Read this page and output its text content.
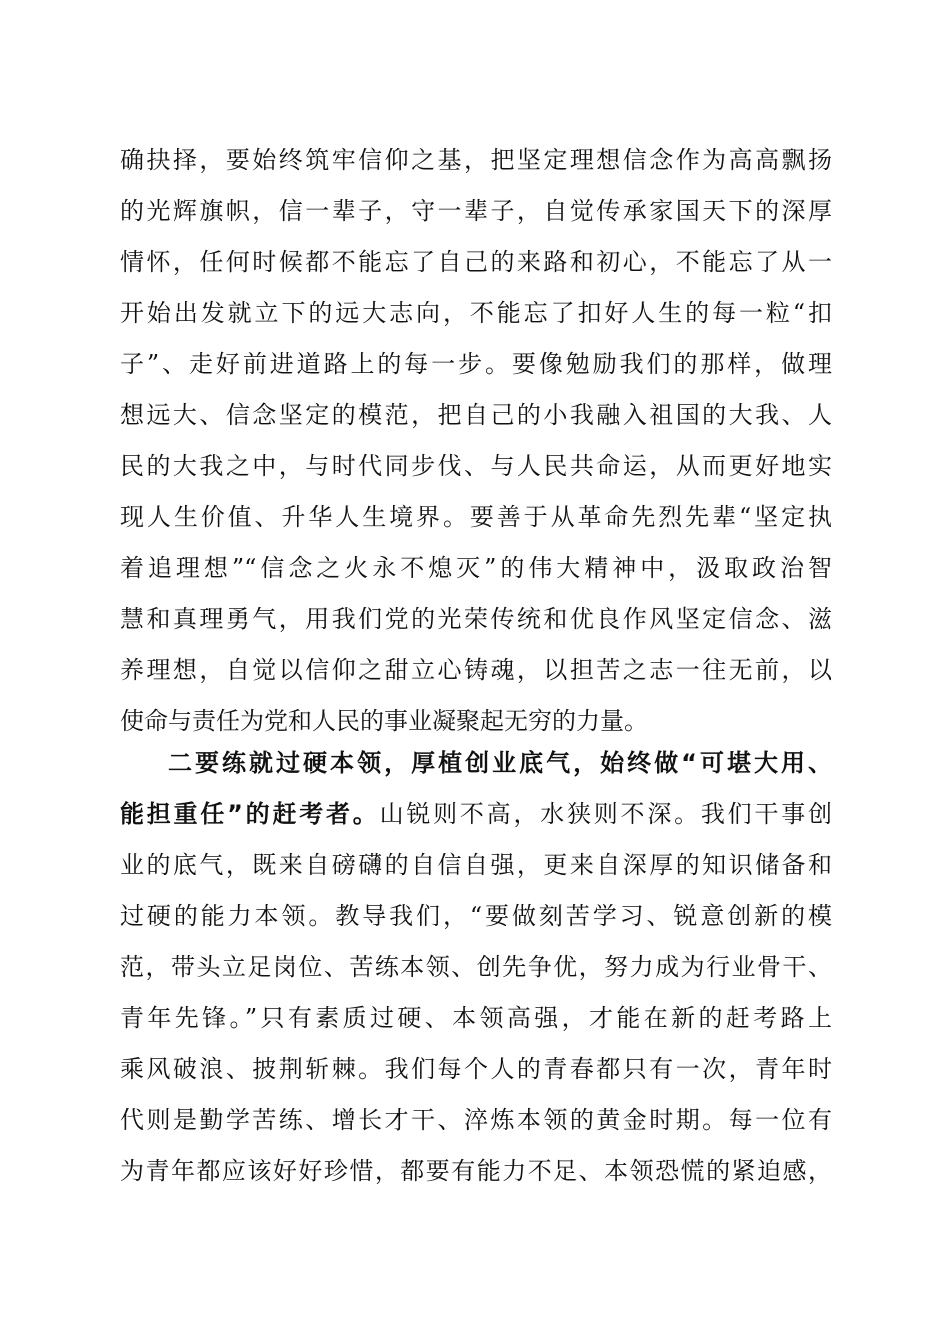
确抉择，要始终筑牢信仰之基，把坚定理想信念作为高高飘扬
的光辉旗帜，信一辈子，守一辈子，自觉传承家国天下的深厚
情怀，任何时候都不能忘了自己的来路和初心，不能忘了从一
开始出发就立下的远大志向，不能忘了扣好人生的每一粒“扣
子”、走好前进道路上的每一步。要像勉励我们的那样，做理
想远大、信念坚定的模范，把自己的小我融入祖国的大我、人
民的大我之中，与时代同步伐、与人民共命运，从而更好地实
现人生价值、升华人生境界。要善于从革命先烈先辈“坚定执
着追理想”“信念之火永不熄灭”的伟大精神中，汲取政治智
慧和真理勇气，用我们党的光荣传统和优良作风坚定信念、滋
养理想，自觉以信仰之甜立心铸魂，以担苦之志一往无前，以
使命与责任为党和人民的事业凝聚起无穷的力量。
二要练就过硬本领，厚植创业底气，始终做“可堪大用、
能担重任”的赶考者。山锐则不高，水狭则不深。我们干事创
业的底气，既来自磅礴的自信自强，更来自深厚的知识储备和
过硬的能力本领。教导我们，“要做刻苦学习、锐意创新的模
范，带头立足岗位、苦练本领、创先争优，努力成为行业骨干、
青年先锋。”只有素质过硬、本领高强，才能在新的赶考路上
乘风破浪、披荆斩棘。我们每个人的青春都只有一次，青年时
代则是勤学苦练、增长才干、淬炼本领的黄金时期。每一位有
为青年都应该好好珍惜，都要有能力不足、本领恐慌的紧迫感，
